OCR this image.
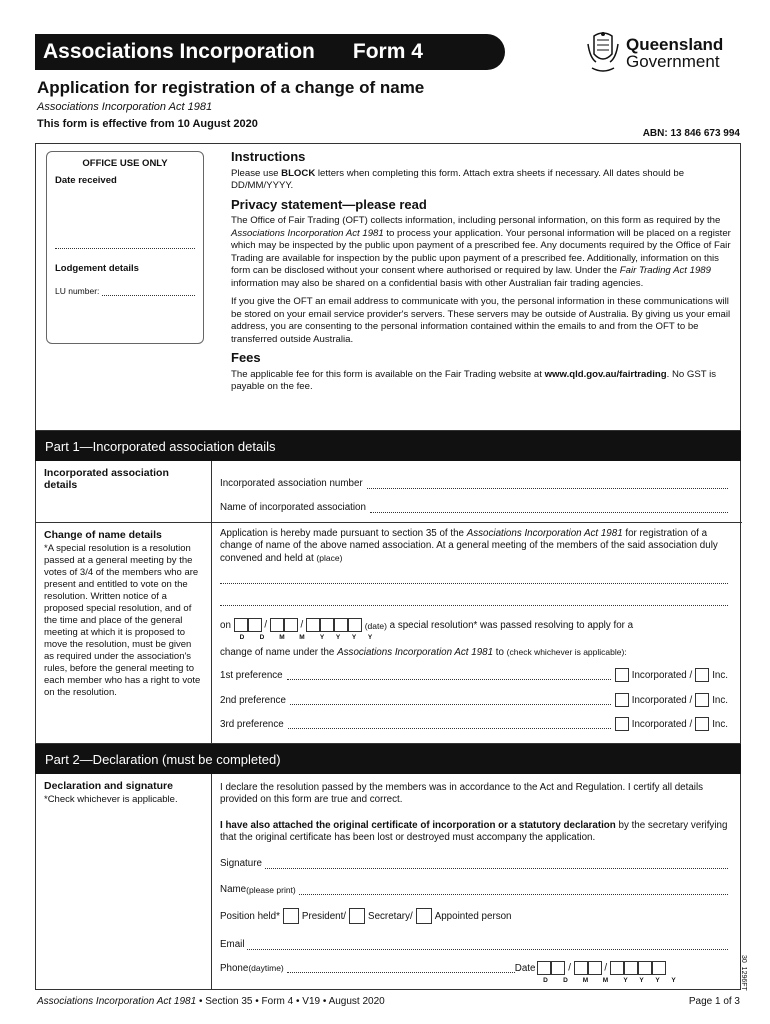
Associations Incorporation Form 4	Queensland
Government
Application for registration of a change of name
Associations Incorporation Act 1981
This form is effective from 10 August 2020
ABN: 13 846 673 994
OFFICE USE ONLY
Date received
Lodgement details
LU number:
Instructions

Please use BLOCK letters when completing this form. Attach extra sheets if necessary. All dates should be DD/MM/YYYY.

Privacy statement—please read

The Office of Fair Trading (OFT) collects information, including personal information, on this form as required by the Associations Incorporation Act 1981 to process your application. Your personal information will be placed on a register which may be inspected by the public upon payment of a prescribed fee. Any documents required by the Office of Fair Trading are available for inspection by the public upon payment of a prescribed fee. Additionally, information on this form can be disclosed without your consent where authorised or required by law. Under the Fair Trading Act 1989 information may also be shared on a confidential basis with other Australian fair trading agencies.

If you give the OFT an email address to communicate with you, the personal information in these communications will be stored on your email service provider's servers. These servers may be outside of Australia. By giving us your email address, you are consenting to the personal information contained within the emails to and from the OFT to be transferred outside Australia.

Fees

The applicable fee for this form is available on the Fair Trading website at www.qld.gov.au/fairtrading. No GST is payable on the fee.

Part 1—Incorporated association details
Incorporated association details	Incorporated association number
Name of incorporated association
Change of name details
*A special resolution is a resolution passed at a general meeting by the votes of 3/4 of the members who are present and entitled to vote on the resolution. Written notice of a proposed special resolution, and of the time and place of the general meeting at which it is proposed to move the resolution, must be given as required under the association's rules, before the general meeting to each member who has a right to vote on the resolution.
Application is hereby made pursuant to section 35 of the Associations Incorporation Act 1981 for registration of a change of name of the above named association. At a general meeting of the members of the said association duly convened and held at (place)
on	/	/	(date) a special resolution* was passed resolving to apply for a
D D M M Y Y Y Y
change of name under the Associations Incorporation Act 1981 to (check whichever is applicable):
1st preference	Incorporated / Inc.
2nd preference	Incorporated / Inc.
3rd preference	Incorporated / Inc.
Part 2—Declaration (must be completed)
Declaration and signature
*Check whichever is applicable.
I declare the resolution passed by the members was in accordance to the Act and Regulation. I certify all details provided on this form are true and correct.
I have also attached the original certificate of incorporation or a statutory declaration by the secretary verifying that the original certificate has been lost or destroyed must accompany the application.
Signature
Name (please print)
Position held* President/ Secretary/ Appointed person
Email
Phone (daytime)	Date	/	/
D D M M Y Y Y Y	30_1296FT
Associations Incorporation Act 1981 • Section 35 • Form 4 • V19 • August 2020	Page 1 of 3
